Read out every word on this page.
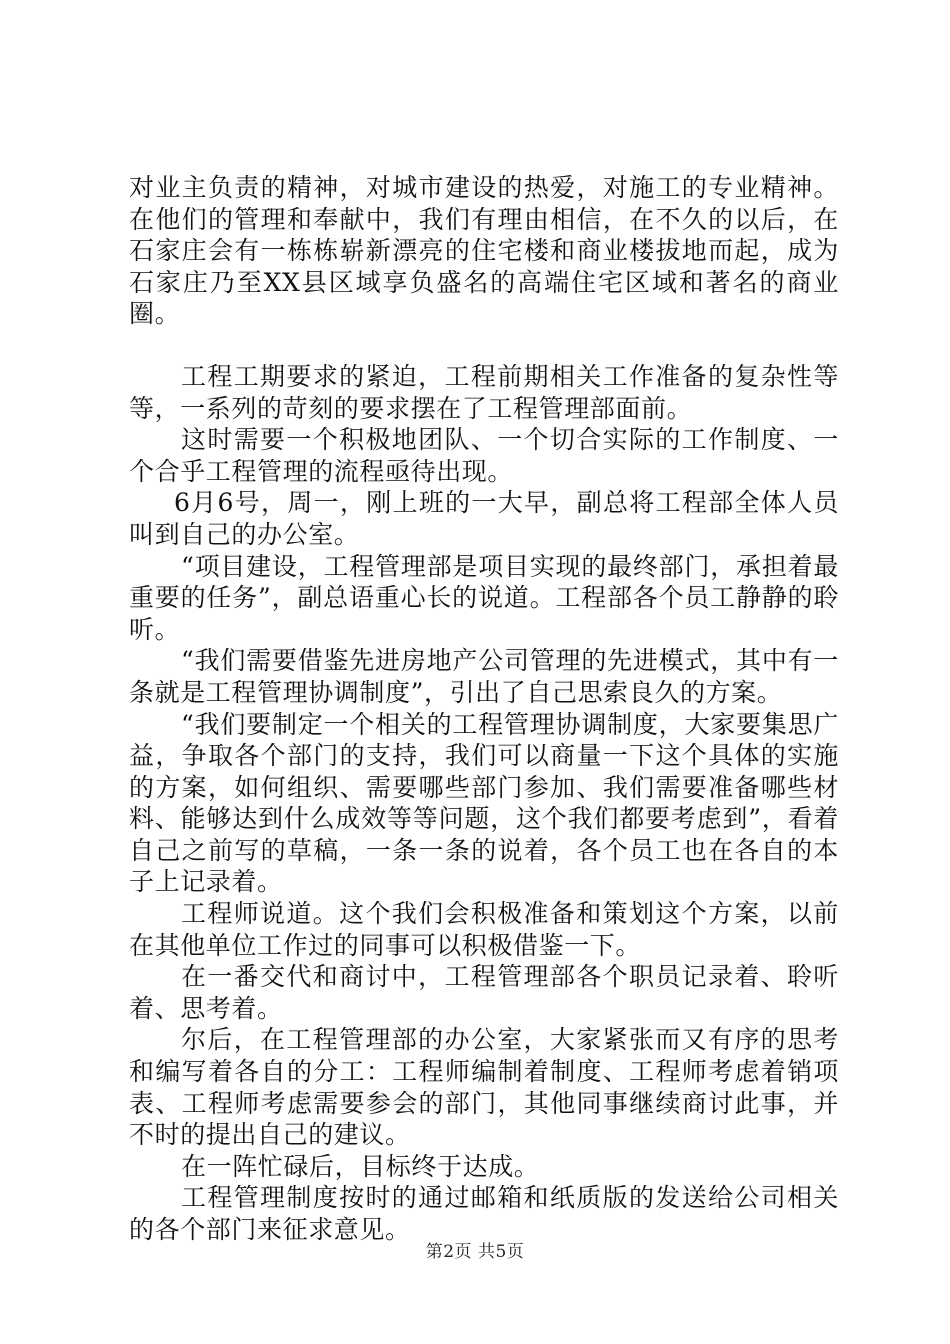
对业主负责的精神，对城市建设的热爱，对施工的专业精神。在他们的管理和奉献中，我们有理由相信，在不久的以后，在石家庄会有一栋栋崭新漂亮的住宅楼和商业楼拔地而起，成为石家庄乃至XX县区域享负盛名的高端住宅区域和著名的商业圈。

工程工期要求的紧迫，工程前期相关工作准备的复杂性等等，一系列的苛刻的要求摆在了工程管理部面前。

这时需要一个积极地团队、一个切合实际的工作制度、一个合乎工程管理的流程亟待出现。

6月6号，周一，刚上班的一大早，副总将工程部全体人员叫到自己的办公室。

“项目建设，工程管理部是项目实现的最终部门，承担着最重要的任务”，副总语重心长的说道。工程部各个员工静静的聆听。

“我们需要借鉴先进房地产公司管理的先进模式，其中有一条就是工程管理协调制度”，引出了自己思索良久的方案。

“我们要制定一个相关的工程管理协调制度，大家要集思广益，争取各个部门的支持，我们可以商量一下这个具体的实施的方案，如何组织、需要哪些部门参加、我们需要准备哪些材料、能够达到什么成效等等问题，这个我们都要考虑到”，看着自己之前写的草稿，一条一条的说着，各个员工也在各自的本子上记录着。

工程师说道。这个我们会积极准备和策划这个方案，以前在其他单位工作过的同事可以积极借鉴一下。

在一番交代和商讨中，工程管理部各个职员记录着、聆听着、思考着。

尔后，在工程管理部的办公室，大家紧张而又有序的思考和编写着各自的分工：工程师编制着制度、工程师考虑着销项表、工程师考虑需要参会的部门，其他同事继续商讨此事，并不时的提出自己的建议。

在一阵忙碌后，目标终于达成。

工程管理制度按时的通过邮箱和纸质版的发送给公司相关的各个部门来征求意见。

第2页 共5页
